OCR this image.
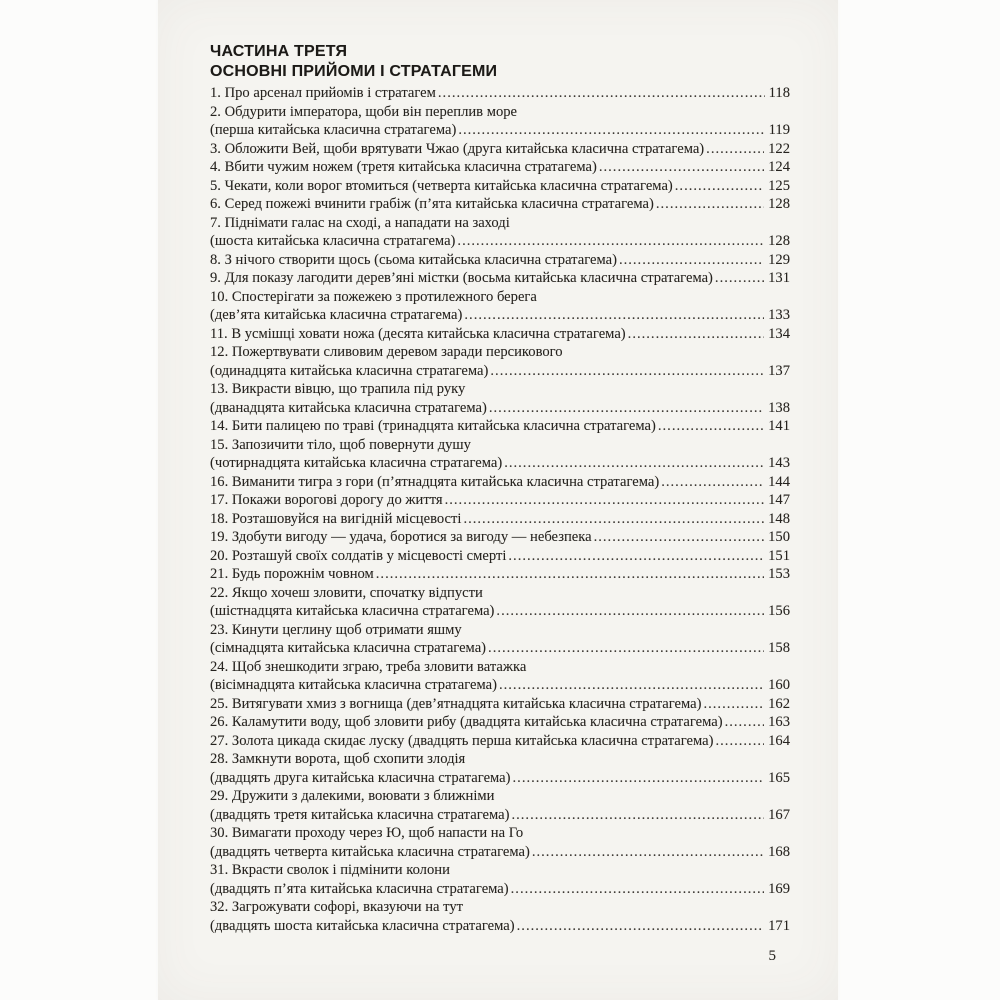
ЧАСТИНА ТРЕТЯ
ОСНОВНІ ПРИЙОМИ І СТРАТАГЕМИ
1. Про арсенал прийомів і стратагем .....	118
2. Обдурити імператора, щоби він переплив море
(перша китайська класична стратагема) .....	119
3. Обложити Вей, щоби врятувати Чжао (друга китайська класична стратагема) .....	122
4. Вбити чужим ножем (третя китайська класична стратагема) .....	124
5. Чекати, коли ворог втомиться (четверта китайська класична стратагема) .....	125
6. Серед пожежі вчинити грабіж (п’ята китайська класична стратагема) .....	128
7. Піднімати галас на сході, а нападати на заході
(шоста китайська класична стратагема) .....	128
8. З нічого створити щось (сьома китайська класична стратагема) .....	129
9. Для показу лагодити дерев’яні містки (восьма китайська класична стратагема) .....	131
10. Спостерігати за пожежею з протилежного берега
(дев’ята китайська класична стратагема) .....	133
11. В усмішці ховати ножа (десята китайська класична стратагема) .....	134
12. Пожертвувати сливовим деревом заради персикового
(одинадцята китайська класична стратагема) .....	137
13. Викрасти вівцю, що трапила під руку
(дванадцята китайська класична стратагема) .....	138
14. Бити палицею по траві (тринадцята китайська класична стратагема) .....	141
15. Запозичити тіло, щоб повернути душу
(чотирнадцята китайська класична стратагема) .....	143
16. Виманити тигра з гори (п’ятнадцята китайська класична стратагема) .....	144
17. Покажи ворогові дорогу до життя .....	147
18. Розташовуйся на вигідній місцевості .....	148
19. Здобути вигоду — удача, боротися за вигоду — небезпека .....	150
20. Розташуй своїх солдатів у місцевості смерті .....	151
21. Будь порожнім човном .....	153
22. Якщо хочеш зловити, спочатку відпусти
(шістнадцята китайська класична стратагема) .....	156
23. Кинути цеглину щоб отримати яшму
(сімнадцята китайська класична стратагема) .....	158
24. Щоб знешкодити зграю, треба зловити ватажка
(вісімнадцята китайська класична стратагема) .....	160
25. Витягувати хмиз з вогнища (дев’ятнадцята китайська класична стратагема) .....	162
26. Каламутити воду, щоб зловити рибу (двадцята китайська класична стратагема) .....	163
27. Золота цикада скидає луску (двадцять перша китайська класична стратагема) .....	164
28. Замкнути ворота, щоб схопити злодія
(двадцять друга китайська класична стратагема) .....	165
29. Дружити з далекими, воювати з ближніми
(двадцять третя китайська класична стратагема) .....	167
30. Вимагати проходу через Ю, щоб напасти на Го
(двадцять четверта китайська класична стратагема) .....	168
31. Вкрасти сволок і підмінити колони
(двадцять п’ята китайська класична стратагема) .....	169
32. Загрожувати софорі, вказуючи на тут
(двадцять шоста китайська класична стратагема) .....	171
5
